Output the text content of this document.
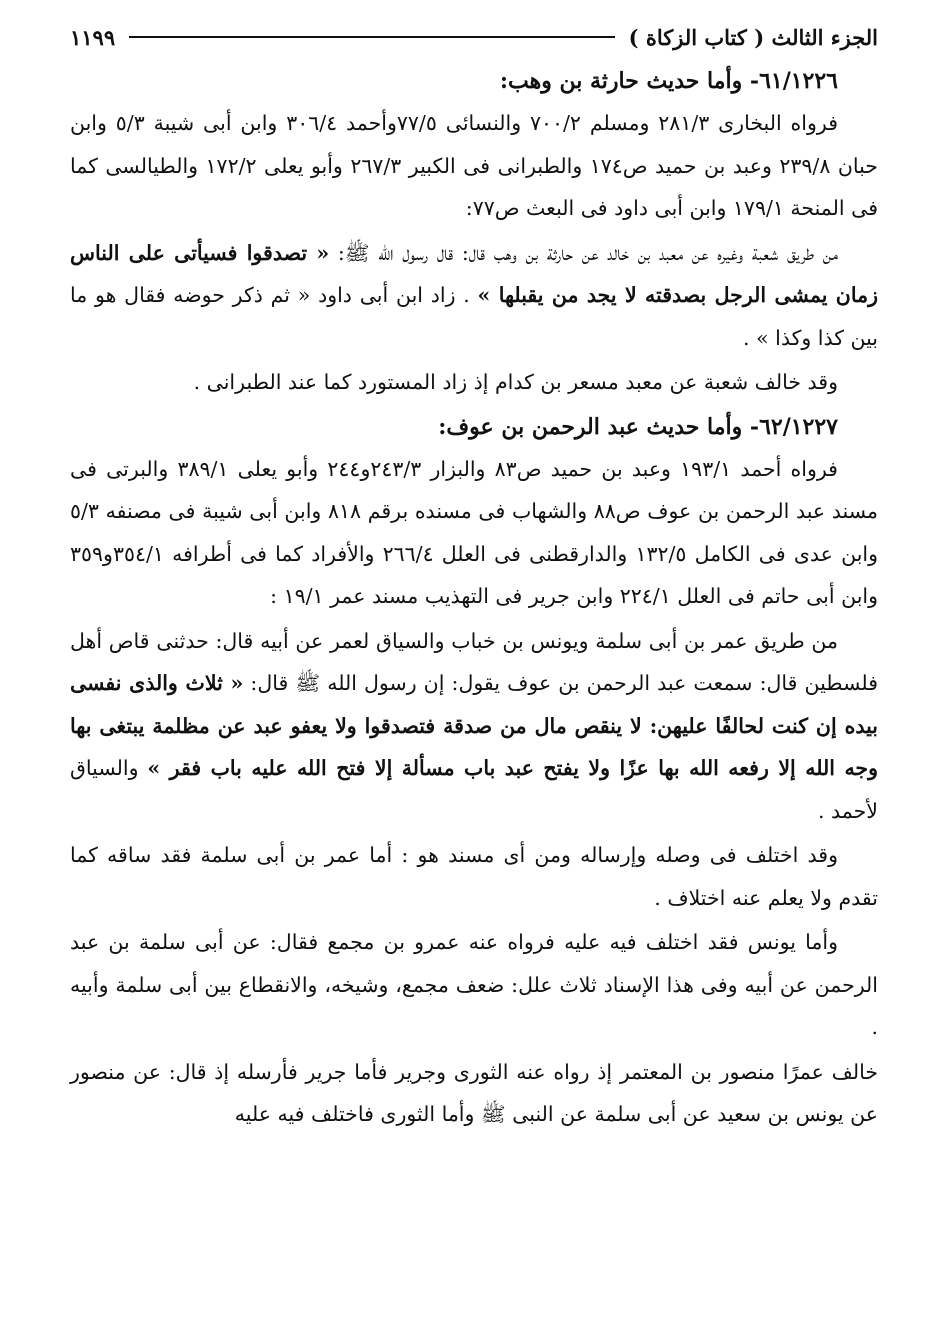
الجزء الثالث ( كتاب الزكاة )
١١٩٩

٦١/١٢٢٦- وأما حديث حارثة بن وهب:

فرواه البخارى ٢٨١/٣ ومسلم ٧٠٠/٢ والنسائى ٧٧/٥وأحمد ٣٠٦/٤ وابن أبى شيبة ٥/٣ وابن حبان ٢٣٩/٨ وعبد بن حميد ص١٧٤ والطبرانى فى الكبير ٢٦٧/٣ وأبو يعلى ١٧٢/٢ والطيالسى كما فى المنحة ١٧٩/١ وابن أبى داود فى البعث ص٧٧:

من طريق شعبة وغيره عن معبد بن خالد عن حارثة بن وهب قال: قال رسول الله ﷺ: « تصدقوا فسيأتى على الناس زمان يمشى الرجل بصدقته لا يجد من يقبلها » . زاد ابن أبى داود « ثم ذكر حوضه فقال هو ما بين كذا وكذا » .

وقد خالف شعبة عن معبد مسعر بن كدام إذ زاد المستورد كما عند الطبرانى .

٦٢/١٢٢٧- وأما حديث عبد الرحمن بن عوف:

فرواه أحمد ١٩٣/١ وعبد بن حميد ص٨٣ والبزار ٢٤٣/٣و٢٤٤ وأبو يعلى ٣٨٩/١ والبرتى فى مسند عبد الرحمن بن عوف ص٨٨ والشهاب فى مسنده برقم ٨١٨ وابن أبى شيبة فى مصنفه ٥/٣ وابن عدى فى الكامل ١٣٢/٥ والدارقطنى فى العلل ٢٦٦/٤ والأفراد كما فى أطرافه ٣٥٤/١و٣٥٩ وابن أبى حاتم فى العلل ٢٢٤/١ وابن جرير فى التهذيب مسند عمر ١٩/١ :

من طريق عمر بن أبى سلمة ويونس بن خباب والسياق لعمر عن أبيه قال: حدثنى قاص أهل فلسطين قال: سمعت عبد الرحمن بن عوف يقول: إن رسول الله ﷺ قال: « ثلاث والذى نفسى بيده إن كنت لحالفًا عليهن: لا ينقص مال من صدقة فتصدقوا ولا يعفو عبد عن مظلمة يبتغى بها وجه الله إلا رفعه الله بها عزًا ولا يفتح عبد باب مسألة إلا فتح الله عليه باب فقر » والسياق لأحمد .

وقد اختلف فى وصله وإرساله ومن أى مسند هو : أما عمر بن أبى سلمة فقد ساقه كما تقدم ولا يعلم عنه اختلاف .

وأما يونس فقد اختلف فيه عليه فرواه عنه عمرو بن مجمع فقال: عن أبى سلمة بن عبد الرحمن عن أبيه وفى هذا الإسناد ثلاث علل: ضعف مجمع، وشيخه، والانقطاع بين أبى سلمة وأبيه .

خالف عمرًا منصور بن المعتمر إذ رواه عنه الثورى وجرير فأما جرير فأرسله إذ قال: عن منصور عن يونس بن سعيد عن أبى سلمة عن النبى ﷺ وأما الثورى فاختلف فيه عليه
